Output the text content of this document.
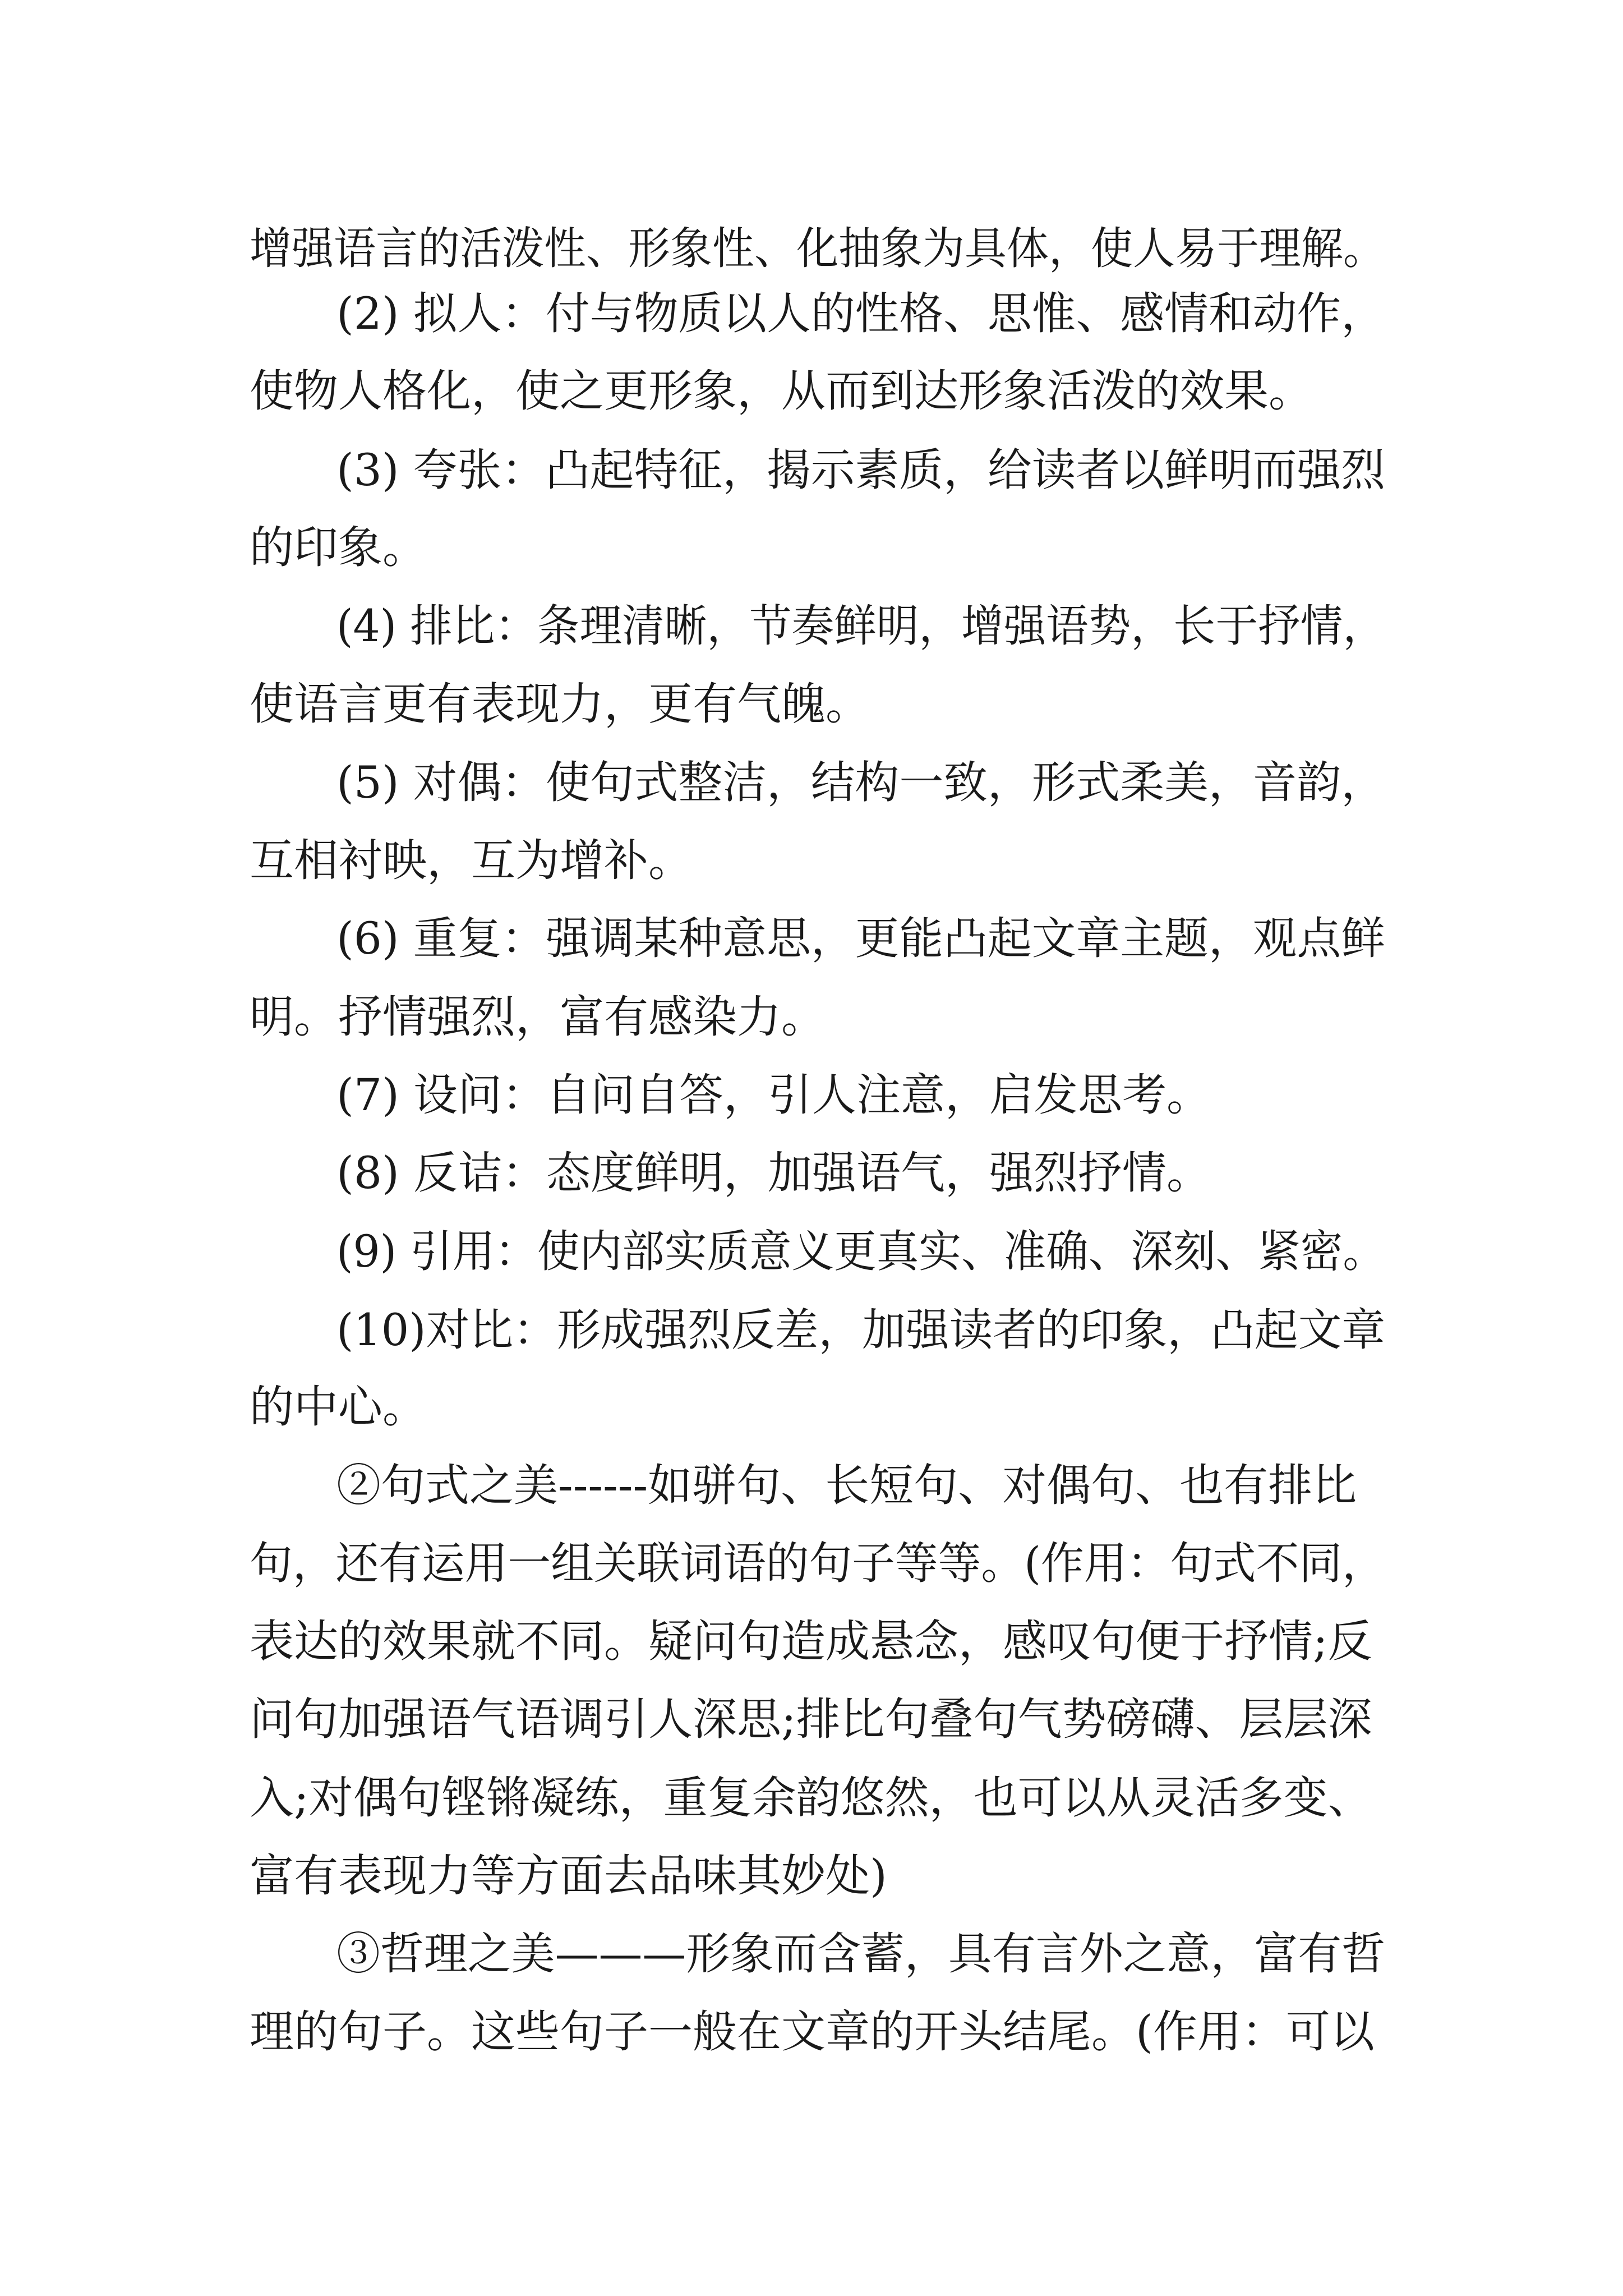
增强语言的活泼性、形象性、化抽象为具体，使人易于理解。

(2) 拟人：付与物质以人的性格、思惟、感情和动作，

使物人格化，使之更形象，从而到达形象活泼的效果。

(3) 夸张：凸起特征，揭示素质，给读者以鲜明而强烈

的印象。

(4) 排比：条理清晰，节奏鲜明，增强语势，长于抒情，

使语言更有表现力，更有气魄。

(5) 对偶：使句式整洁，结构一致，形式柔美，音韵，

互相衬映，互为增补。

(6) 重复：强调某种意思，更能凸起文章主题，观点鲜

明。抒情强烈，富有感染力。

(7) 设问：自问自答，引人注意，启发思考。

(8) 反诘：态度鲜明，加强语气，强烈抒情。

(9) 引用：使内部实质意义更真实、准确、深刻、紧密。

(10)对比：形成强烈反差，加强读者的印象，凸起文章

的中心。

②句式之美------如骈句、长短句、对偶句、也有排比

句，还有运用一组关联词语的句子等等。(作用：句式不同，

表达的效果就不同。疑问句造成悬念，感叹句便于抒情;反

问句加强语气语调引人深思;排比句叠句气势磅礴、层层深

入;对偶句铿锵凝练，重复余韵悠然，也可以从灵活多变、

富有表现力等方面去品味其妙处)

③哲理之美———形象而含蓄，具有言外之意，富有哲

理的句子。这些句子一般在文章的开头结尾。(作用：可以
